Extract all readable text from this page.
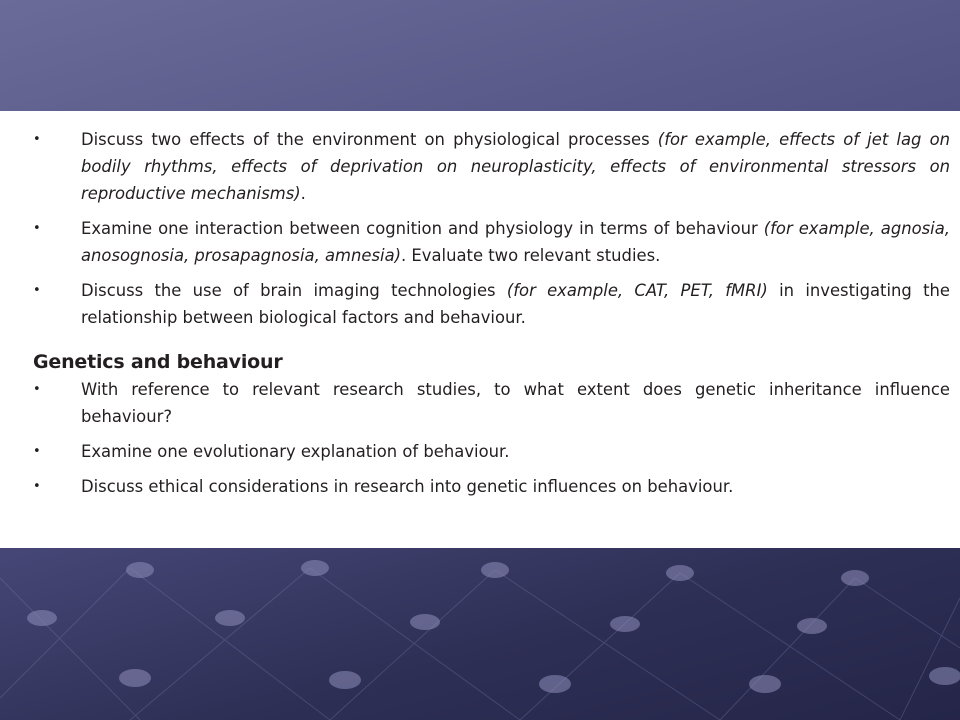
• Discuss two effects of the environment on physiological processes (for example, effects of jet lag on bodily rhythms, effects of deprivation on neuroplasticity, effects of environmental stressors on reproductive mechanisms).
• Examine one interaction between cognition and physiology in terms of behaviour (for example, agnosia, anosognosia, prosapagnosia, amnesia). Evaluate two relevant studies.
• Discuss the use of brain imaging technologies (for example, CAT, PET, fMRI) in investigating the relationship between biological factors and behaviour.
Genetics and behaviour
• With reference to relevant research studies, to what extent does genetic inheritance influence behaviour?
• Examine one evolutionary explanation of behaviour.
• Discuss ethical considerations in research into genetic influences on behaviour.
